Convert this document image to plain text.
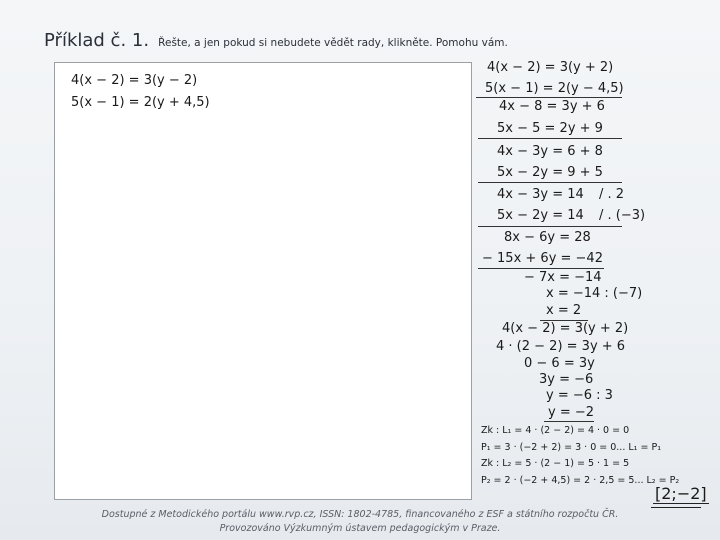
Příklad č. 1. Řešte, a jen pokud si nebudete vědět rady, klikněte. Pomohu vám.
4(x − 2) = 3(y − 2)
5(x − 1) = 2(y + 4,5)
4(x − 2) = 3(y + 2)
5(x − 1) = 2(y − 4,5)
4x − 8 = 3y + 6
5x − 5 = 2y + 9
4x − 3y = 6 + 8
5x − 2y = 9 + 5
4x − 3y = 14 / . 2
5x − 2y = 14 / . (−3)
8x − 6y = 28
− 15x + 6y = −42
− 7x = −14
x = −14 : (−7)
x = 2
4(x − 2) = 3(y + 2)
4 · (2 − 2) = 3y + 6
0 − 6 = 3y
3y = −6
y = −6 : 3
y = −2
Zk : L₁ = 4 · (2 − 2) = 4 · 0 = 0
P₁ = 3 · (−2 + 2) = 3 · 0 = 0... L₁ = P₁
Zk : L₂ = 5 · (2 − 1) = 5 · 1 = 5
P₂ = 2 · (−2 + 4,5) = 2 · 2,5 = 5... L₂ = P₂
[2;−2]
Dostupné z Metodického portálu www.rvp.cz, ISSN: 1802-4785, financovaného z ESF a státního rozpočtu ČR.
Provozováno Výzkumným ústavem pedagogickým v Praze.
